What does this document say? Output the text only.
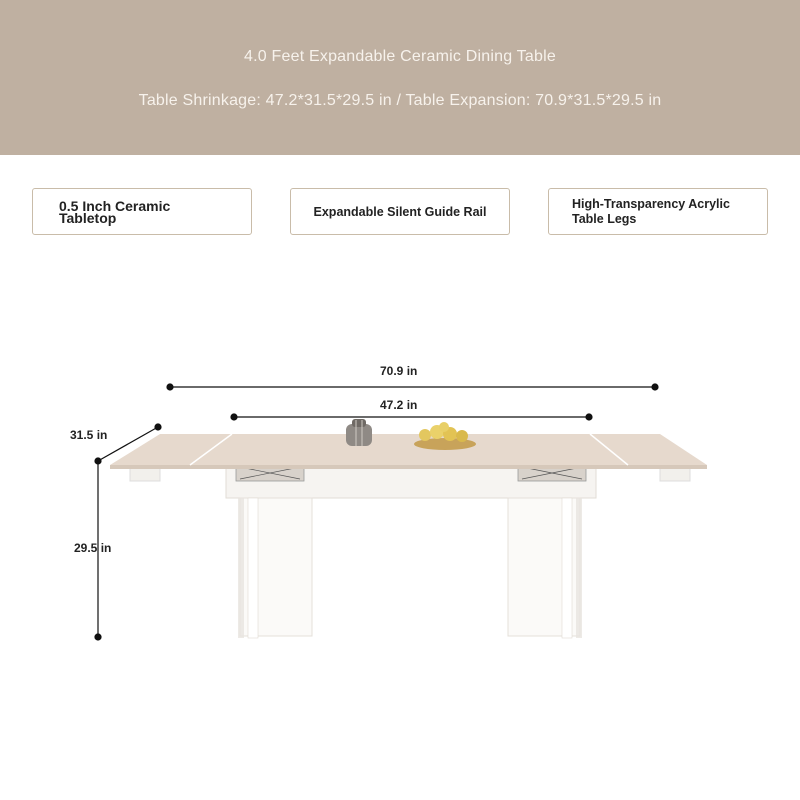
4.0 Feet Expandable Ceramic Dining Table
Table Shrinkage: 47.2*31.5*29.5 in / Table Expansion: 70.9*31.5*29.5 in
0.5 Inch Ceramic Tabletop	Expandable Silent Guide Rail
High-Transparency Acrylic Table Legs
70.9 in
47.2 in
31.5 in
29.5 in
